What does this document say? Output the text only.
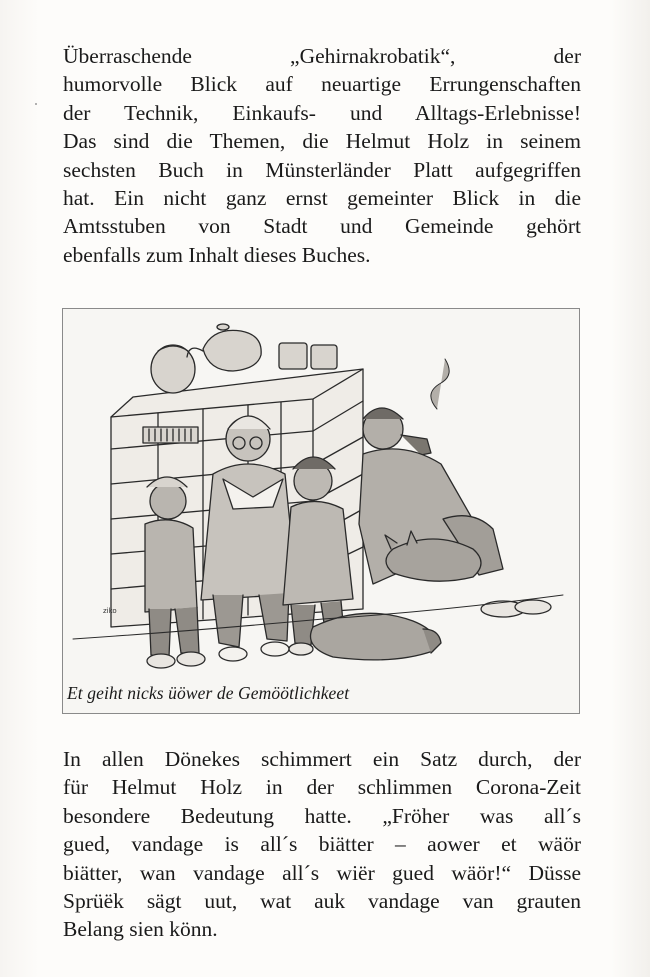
Überraschende „Gehirnakrobatik“, der
humorvolle Blick auf neuartige Errungenschaften
der Technik, Einkaufs- und Alltags-Erlebnisse!
Das sind die Themen, die Helmut Holz in seinem
sechsten Buch in Münsterländer Platt aufgegriffen
hat. Ein nicht ganz ernst gemeinter Blick in die
Amtsstuben von Stadt und Gemeinde gehört
ebenfalls zum Inhalt dieses Buches.

ziko
Et geiht nicks üöwer de Gemöötlichkeet

In allen Dönekes schimmert ein Satz durch, der
für Helmut Holz in der schlimmen Corona-Zeit
besondere Bedeutung hatte. „Fröher was all´s
gued, vandage is all´s biätter – aower et wäör
biätter, wan vandage all´s wiër gued wäör!“ Düsse
Sprüëk sägt uut, wat auk vandage van grauten
Belang sien könn.
